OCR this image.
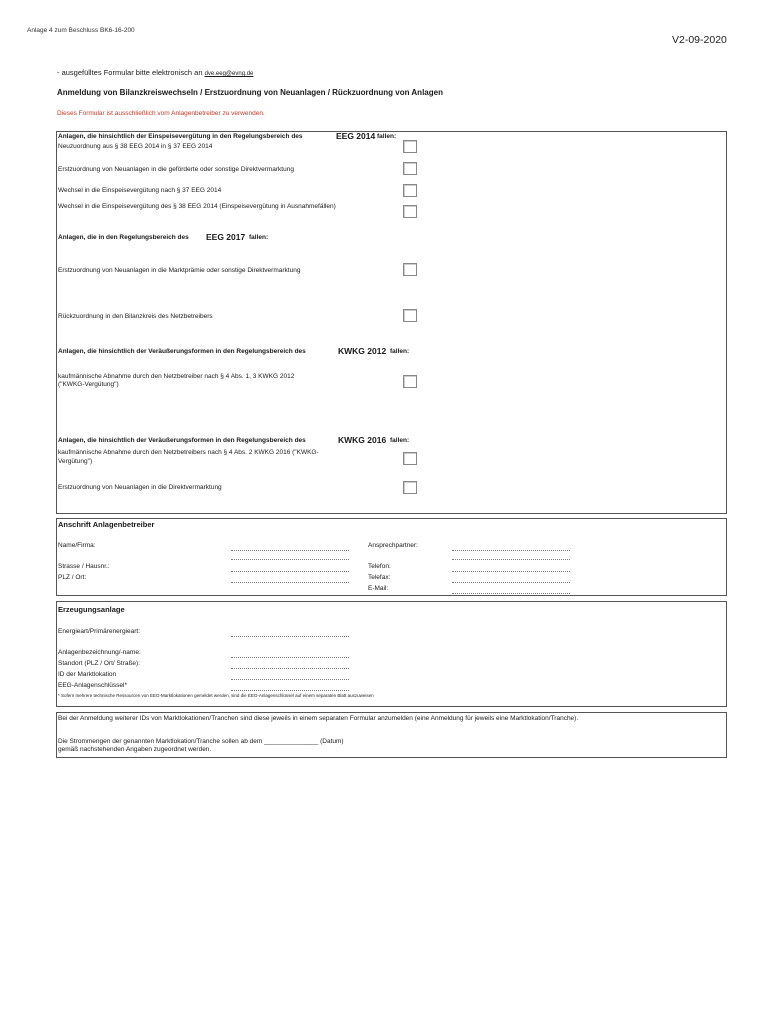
Anlage 4 zum Beschluss BK6-16-200
V2-09-2020
- ausgefülltes Formular bitte elektronisch an dve.eeg@evng.de
Anmeldung von Bilanzkreiswechseln / Erstzuordnung von Neuanlagen / Rückzuordnung von Anlagen
Dieses Formular ist ausschließlich vom Anlagenbetreiber zu verwenden.
Anlagen, die hinsichtlich der Einspeisevergütung in den Regelungsbereich des	EEG 2014 fallen:
Neuzuordnung aus § 38 EEG 2014 in § 37 EEG 2014
Erstzuordnung von Neuanlagen in die geförderte oder sonstige Direktvermarktung
Wechsel in die Einspeisevergütung nach § 37 EEG 2014
Wechsel in die Einspeisevergütung des § 38 EEG 2014 (Einspeisevergütung in Ausnahmefällen)
Anlagen, die in den Regelungsbereich des EEG 2017 fallen:
Erstzuordnung von Neuanlagen in die Marktprämie oder sonstige Direktvermarktung
Rückzuordnung in den Bilanzkreis des Netzbetreibers
Anlagen, die hinsichtlich der Veräußerungsformen in den Regelungsbereich des	KWKG 2012 fallen:
kaufmännische Abnahme durch den Netzbetreiber nach § 4 Abs. 1, 3 KWKG 2012
("KWKG-Vergütung")
Anlagen, die hinsichtlich der Veräußerungsformen in den Regelungsbereich des	KWKG 2016 fallen:
kaufmännische Abnahme durch den Netzbetreibers nach § 4 Abs. 2 KWKG 2016 ("KWKG-
Vergütung")
Erstzuordnung von Neuanlagen in die Direktvermarktung
Anschrift Anlagenbetreiber
Name/Firma:	Ansprechpartner:
Strasse / Hausnr.:	Telefon:
PLZ / Ort:	Telefax:
E-Mail:
Erzeugungsanlage
Energieart/Primärenergieart:
Anlagenbezeichnung/-name:
Standort (PLZ / Ort/ Straße):
ID der Marktlokation
EEG-Anlagenschlüssel*
* Sofern mehrere technische Ressourcen von EEG-Marktlokationen gemeldet werden, sind die EEG-Anlagenschlüssel auf einem separaten Blatt auszuweisen
Bei der Anmeldung weiterer IDs von Marktlokationen/Tranchen sind diese jeweils in einem separaten Formular anzumelden (eine Anmeldung für jeweils eine Marktlokation/Tranche).
Die Strommengen der genannten Marktlokation/Tranche sollen ab dem _______________ (Datum)
gemäß nachstehenden Angaben zugeordnet werden.
